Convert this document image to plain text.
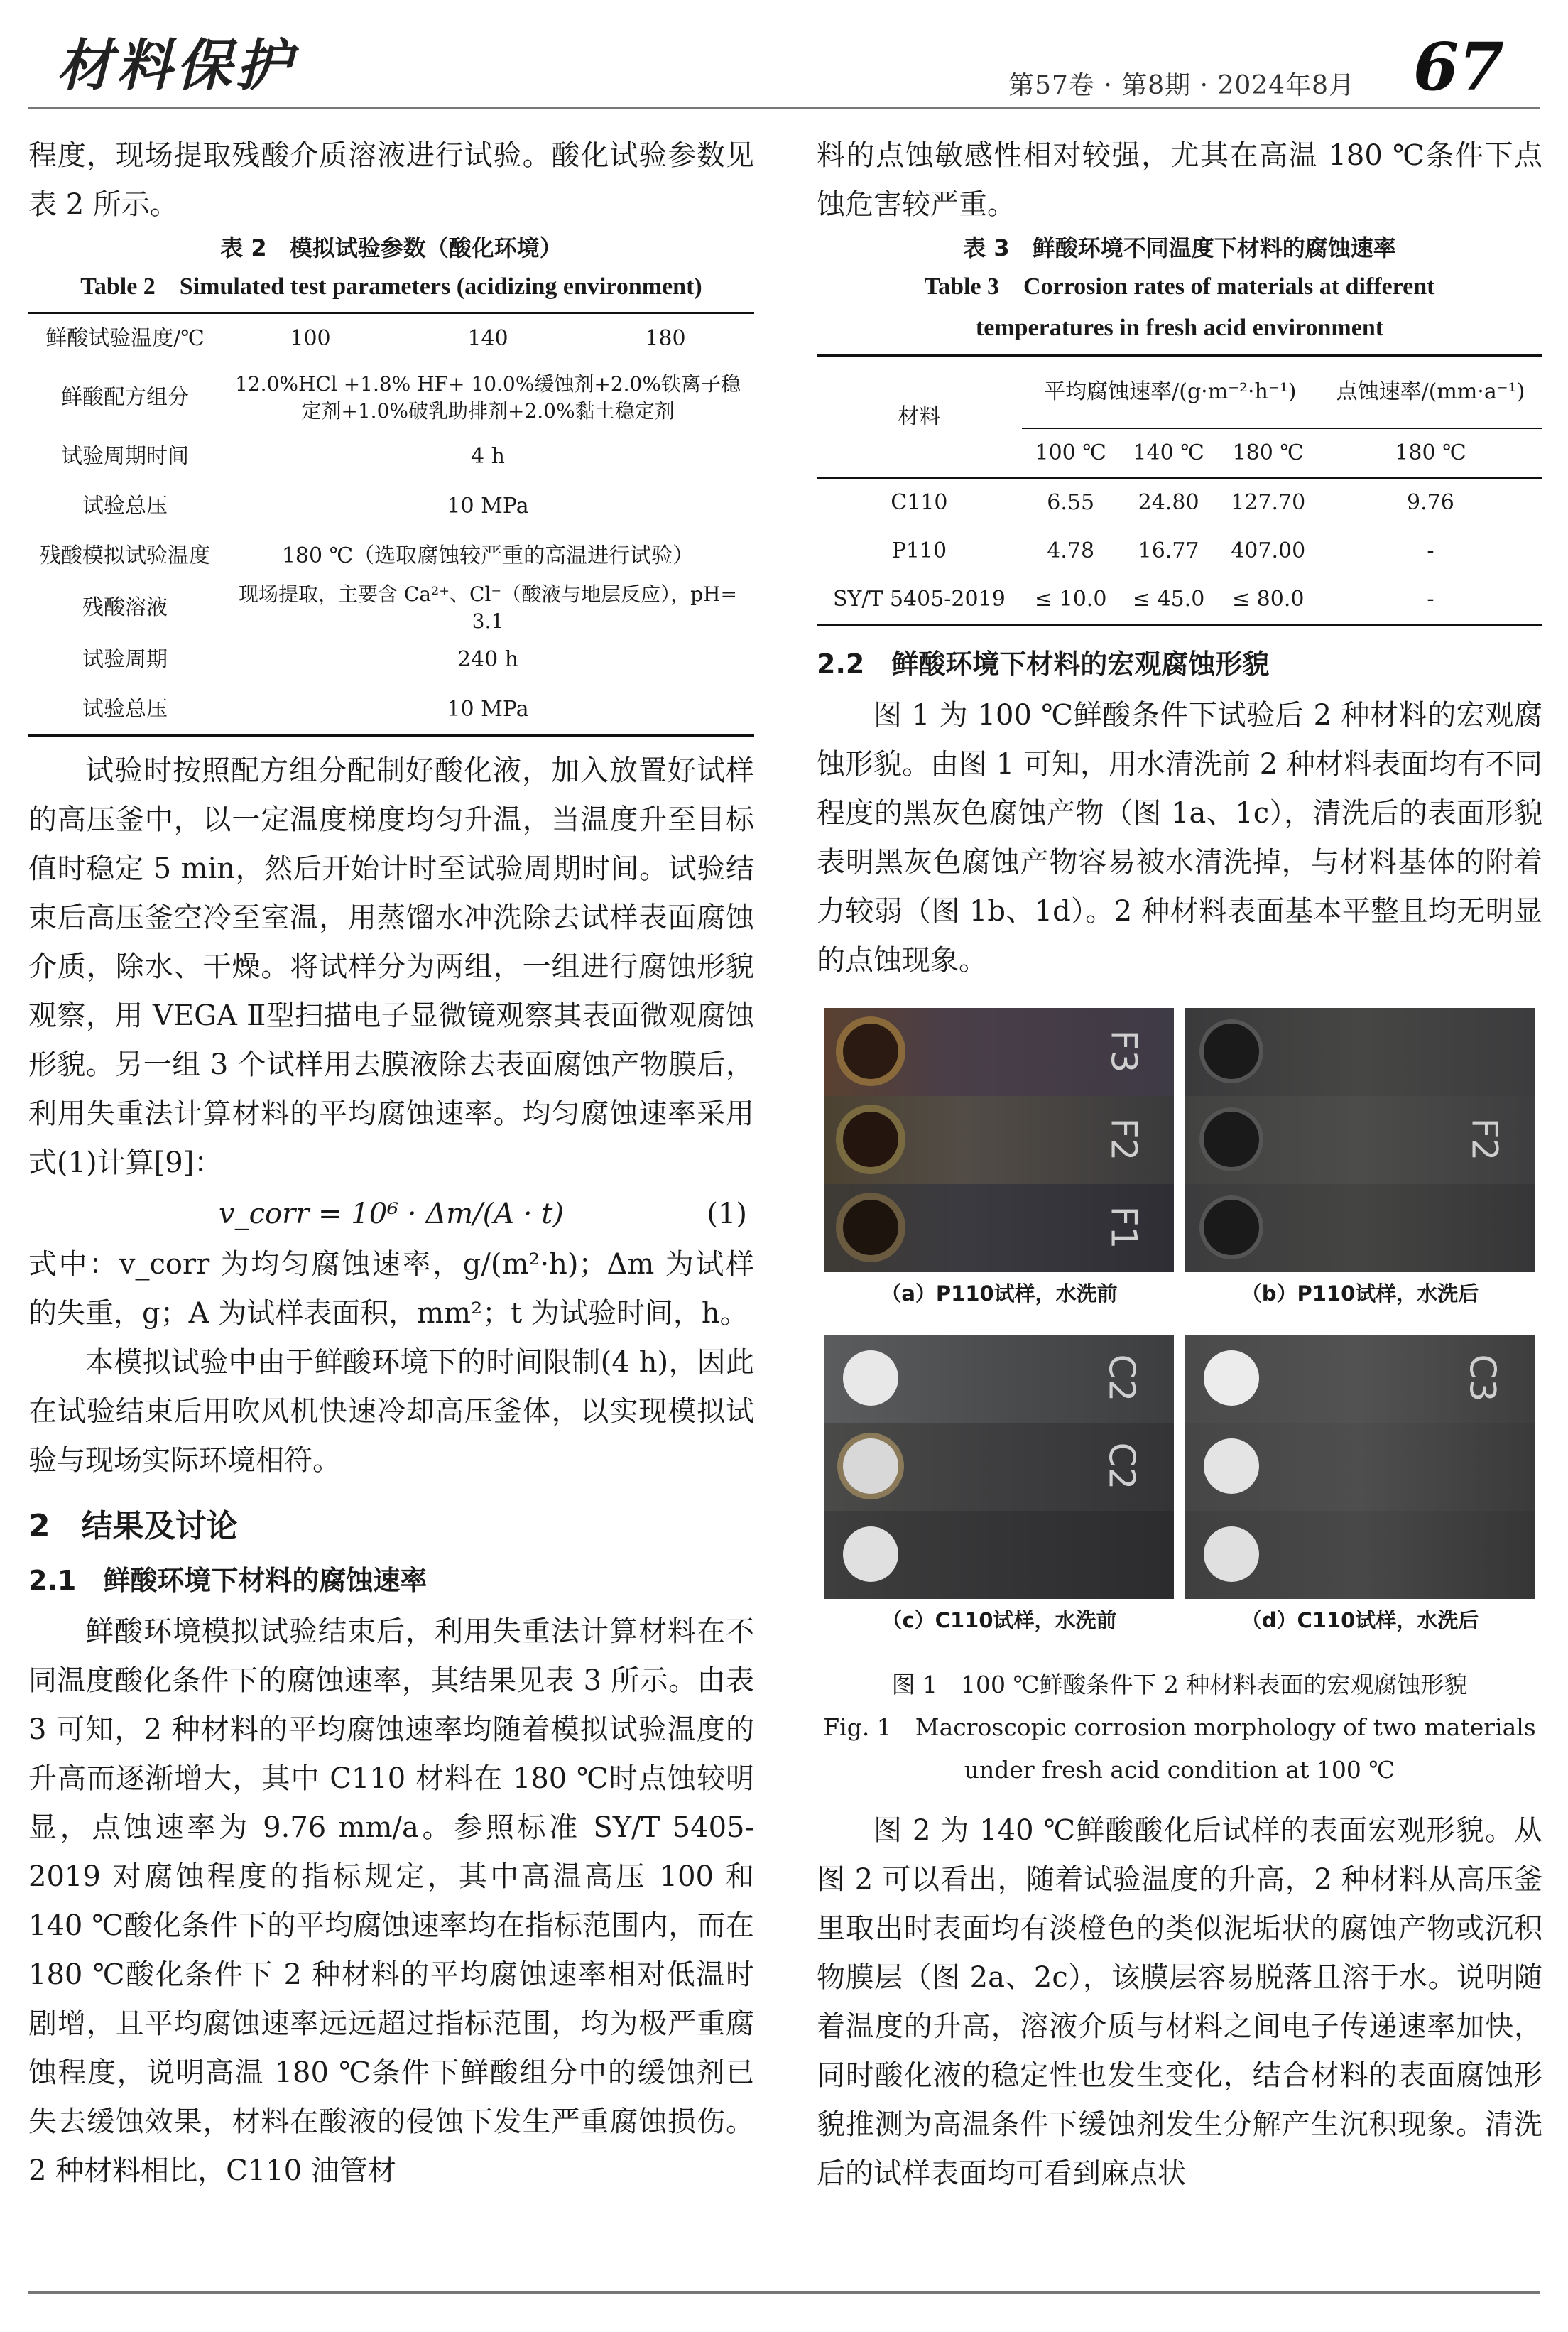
材料保护	第57卷 · 第8期 · 2024年8月 67

程度，现场提取残酸介质溶液进行试验。酸化试验参数见表 2 所示。

表 2　模拟试验参数（酸化环境）
Table 2　Simulated test parameters (acidizing environment)
鲜酸试验温度/℃	100	140	180
鲜酸配方组分	12.0%HCl +1.8% HF+ 10.0%缓蚀剂+2.0%铁离子稳定剂+1.0%破乳助排剂+2.0%黏土稳定剂		
试验周期时间	4 h		
试验总压	10 MPa		
残酸模拟试验温度	180 ℃（选取腐蚀较严重的高温进行试验）		
残酸溶液	现场提取，主要含 Ca²⁺、Cl⁻（酸液与地层反应），pH= 3.1		
试验周期	240 h		
试验总压	10 MPa		

试验时按照配方组分配制好酸化液，加入放置好试样的高压釜中，以一定温度梯度均匀升温，当温度升至目标值时稳定 5 min，然后开始计时至试验周期时间。试验结束后高压釜空冷至室温，用蒸馏水冲洗除去试样表面腐蚀介质，除水、干燥。将试样分为两组，一组进行腐蚀形貌观察，用 VEGA Ⅱ型扫描电子显微镜观察其表面微观腐蚀形貌。另一组 3 个试样用去膜液除去表面腐蚀产物膜后，利用失重法计算材料的平均腐蚀速率。均匀腐蚀速率采用式(1)计算[9]：

v_corr = 10⁶ · Δm/(A · t)	(1)

式中：v_corr 为均匀腐蚀速率，g/(m²·h)；Δm 为试样的失重，g；A 为试样表面积，mm²；t 为试验时间，h。

本模拟试验中由于鲜酸环境下的时间限制(4 h)，因此在试验结束后用吹风机快速冷却高压釜体，以实现模拟试验与现场实际环境相符。

2　结果及讨论
2.1　鲜酸环境下材料的腐蚀速率

鲜酸环境模拟试验结束后，利用失重法计算材料在不同温度酸化条件下的腐蚀速率，其结果见表 3 所示。由表 3 可知，2 种材料的平均腐蚀速率均随着模拟试验温度的升高而逐渐增大，其中 C110 材料在 180 ℃时点蚀较明显，点蚀速率为 9.76 mm/a。参照标准 SY/T 5405-2019 对腐蚀程度的指标规定，其中高温高压 100 和 140 ℃酸化条件下的平均腐蚀速率均在指标范围内，而在 180 ℃酸化条件下 2 种材料的平均腐蚀速率相对低温时剧增，且平均腐蚀速率远远超过指标范围，均为极严重腐蚀程度，说明高温 180 ℃条件下鲜酸组分中的缓蚀剂已失去缓蚀效果，材料在酸液的侵蚀下发生严重腐蚀损伤。2 种材料相比，C110 油管材

料的点蚀敏感性相对较强，尤其在高温 180 ℃条件下点蚀危害较严重。

表 3　鲜酸环境不同温度下材料的腐蚀速率
Table 3　Corrosion rates of materials at different
temperatures in fresh acid environment
材料	平均腐蚀速率/(g·m⁻²·h⁻¹)			点蚀速率/(mm·a⁻¹)
	100 ℃	140 ℃	180 ℃	180 ℃
C110	6.55	24.80	127.70	9.76
P110	4.78	16.77	407.00	-
SY/T 5405-2019	≤ 10.0	≤ 45.0	≤ 80.0	-
2.2　鲜酸环境下材料的宏观腐蚀形貌

图 1 为 100 ℃鲜酸条件下试验后 2 种材料的宏观腐蚀形貌。由图 1 可知，用水清洗前 2 种材料表面均有不同程度的黑灰色腐蚀产物（图 1a、1c），清洗后的表面形貌表明黑灰色腐蚀产物容易被水清洗掉，与材料基体的附着力较弱（图 1b、1d）。2 种材料表面基本平整且均无明显的点蚀现象。

F3
F2
F1
（a）P110试样，水洗前
F2
（b）P110试样，水洗后
C2
C2
（c）C110试样，水洗前
C3
（d）C110试样，水洗后
图 1　100 ℃鲜酸条件下 2 种材料表面的宏观腐蚀形貌
Fig. 1　Macroscopic corrosion morphology of two materials
under fresh acid condition at 100 ℃

图 2 为 140 ℃鲜酸酸化后试样的表面宏观形貌。从图 2 可以看出，随着试验温度的升高，2 种材料从高压釜里取出时表面均有淡橙色的类似泥垢状的腐蚀产物或沉积物膜层（图 2a、2c），该膜层容易脱落且溶于水。说明随着温度的升高，溶液介质与材料之间电子传递速率加快，同时酸化液的稳定性也发生变化，结合材料的表面腐蚀形貌推测为高温条件下缓蚀剂发生分解产生沉积现象。清洗后的试样表面均可看到麻点状
